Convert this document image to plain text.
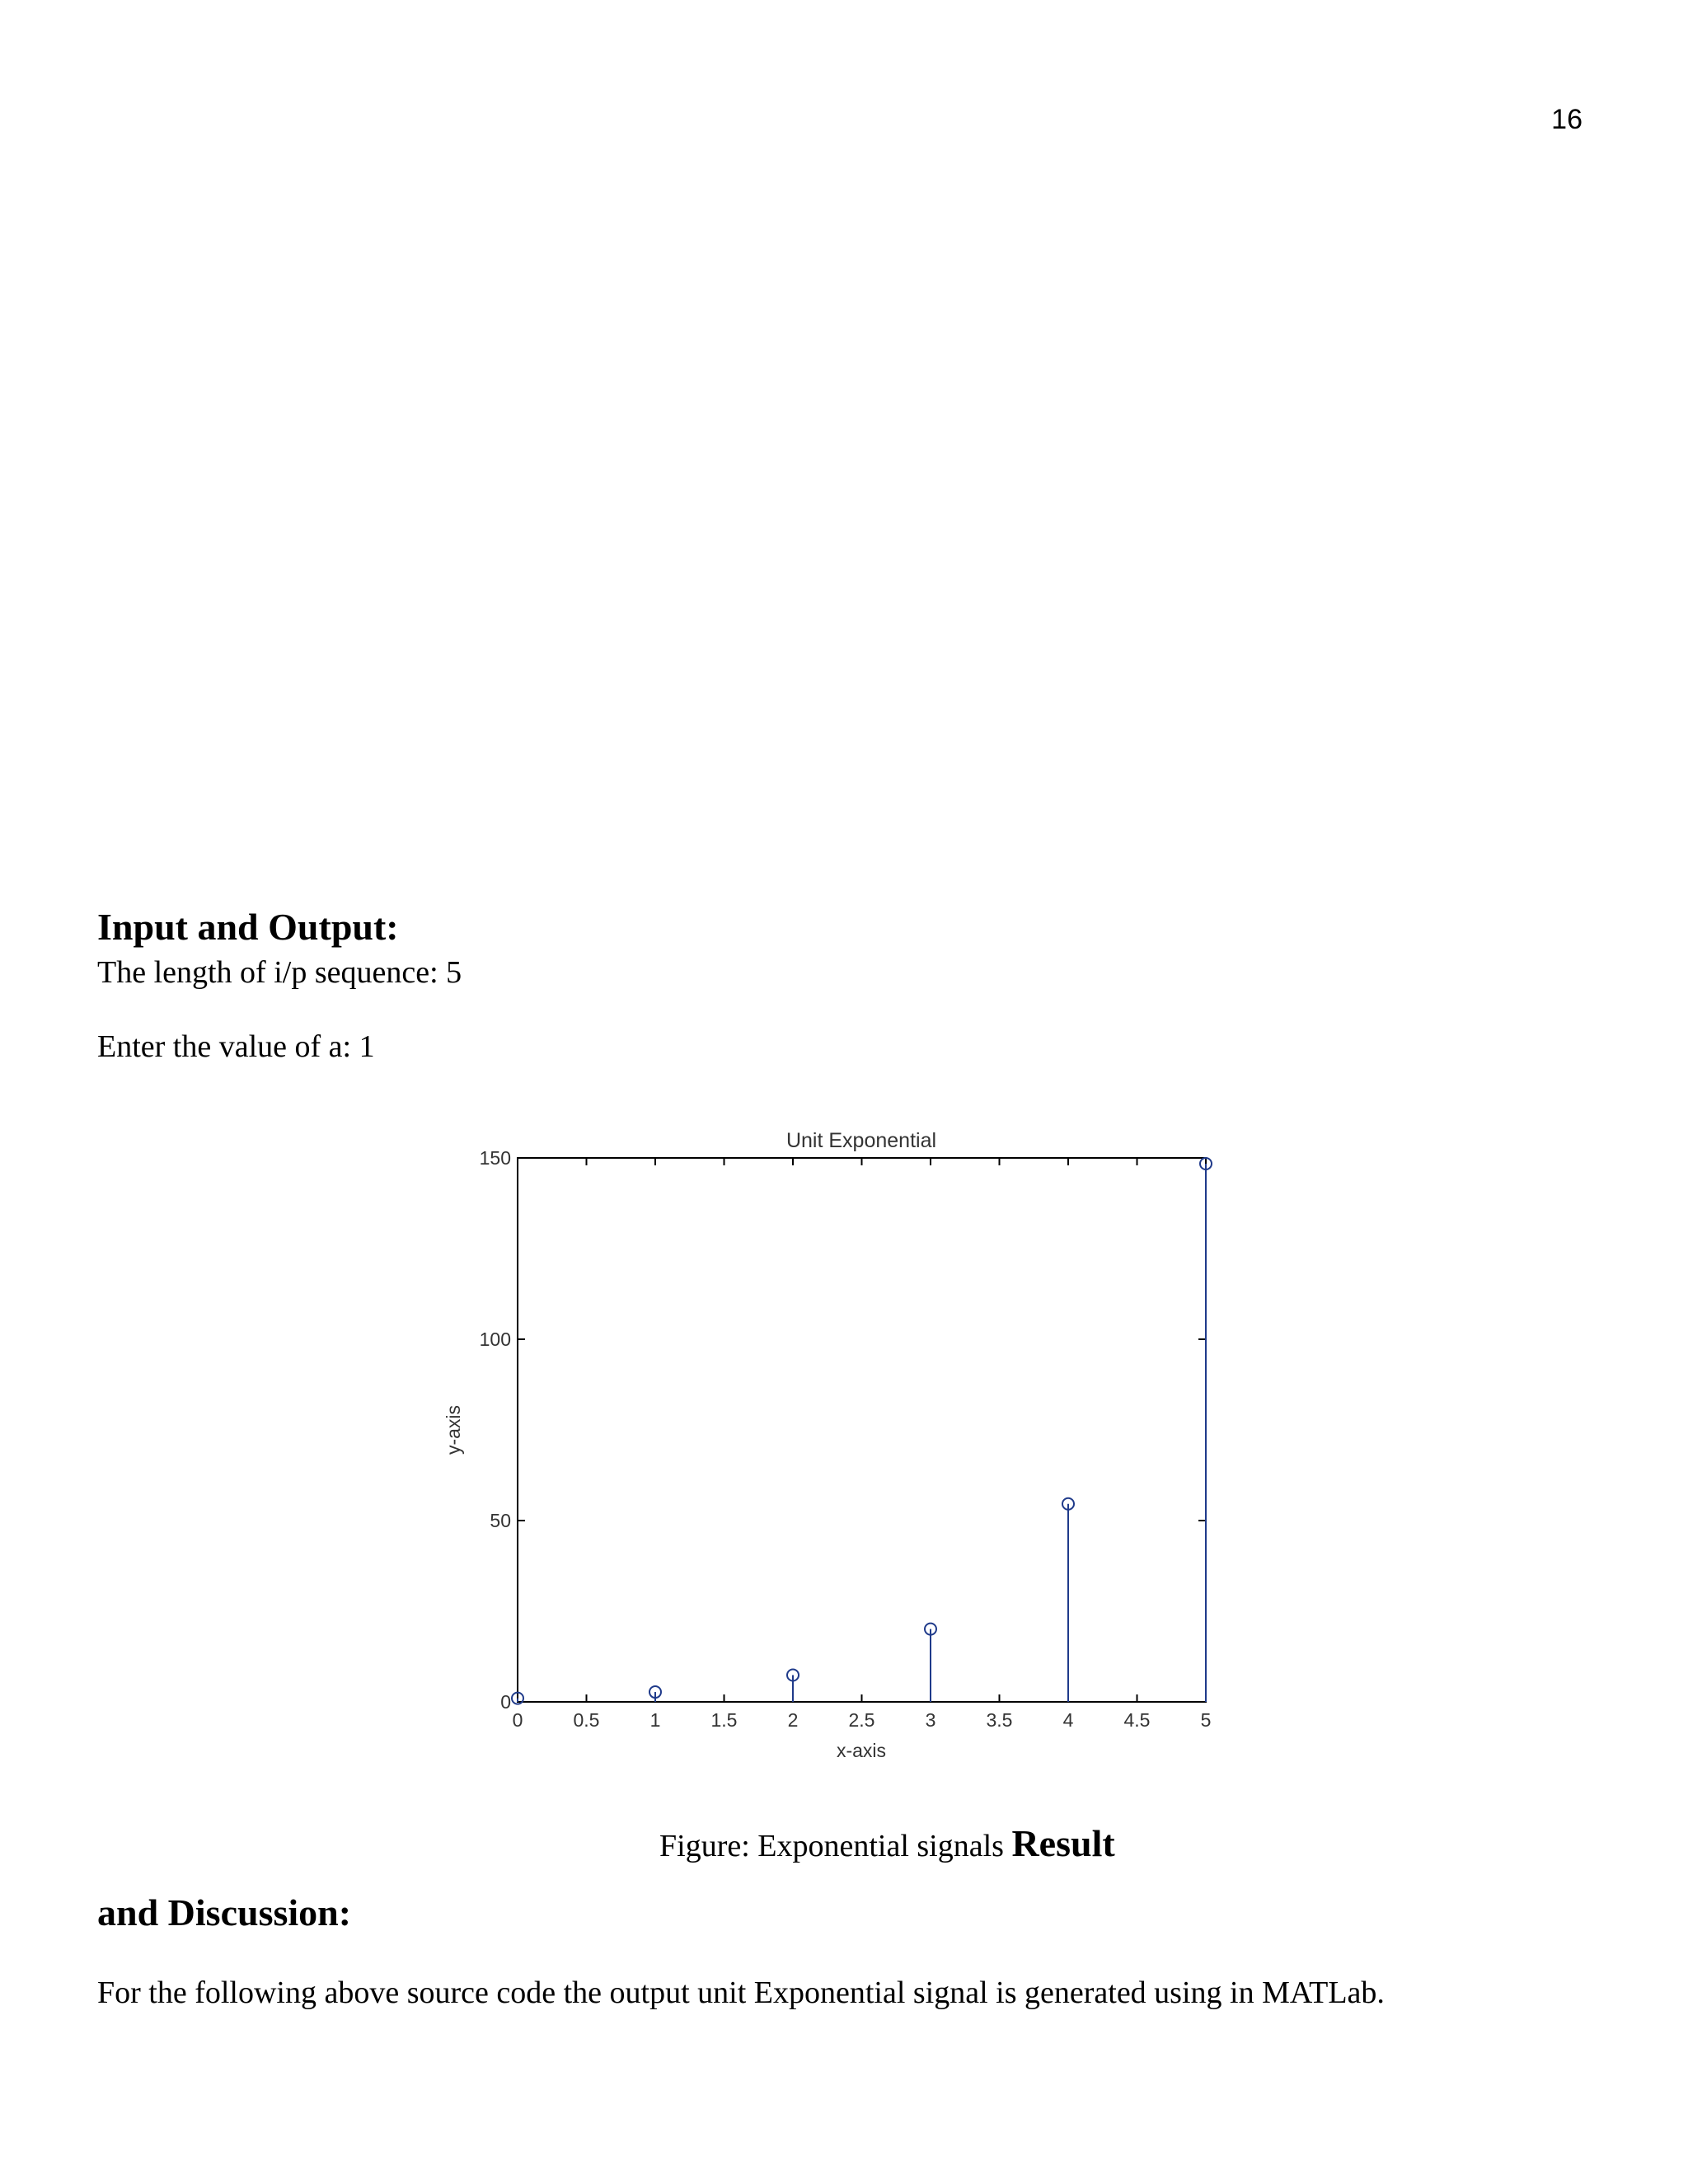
16
Input and Output:
The length of i/p sequence: 5
Enter the value of a: 1
Unit Exponential
x-axis
y-axis
0	0.5	1	1.5	2	2.5	3	3.5	4	4.5	5
0
50
100
150
Figure: Exponential signals Result
and Discussion:
For the following above source code the output unit Exponential signal is generated using in MATLab.
